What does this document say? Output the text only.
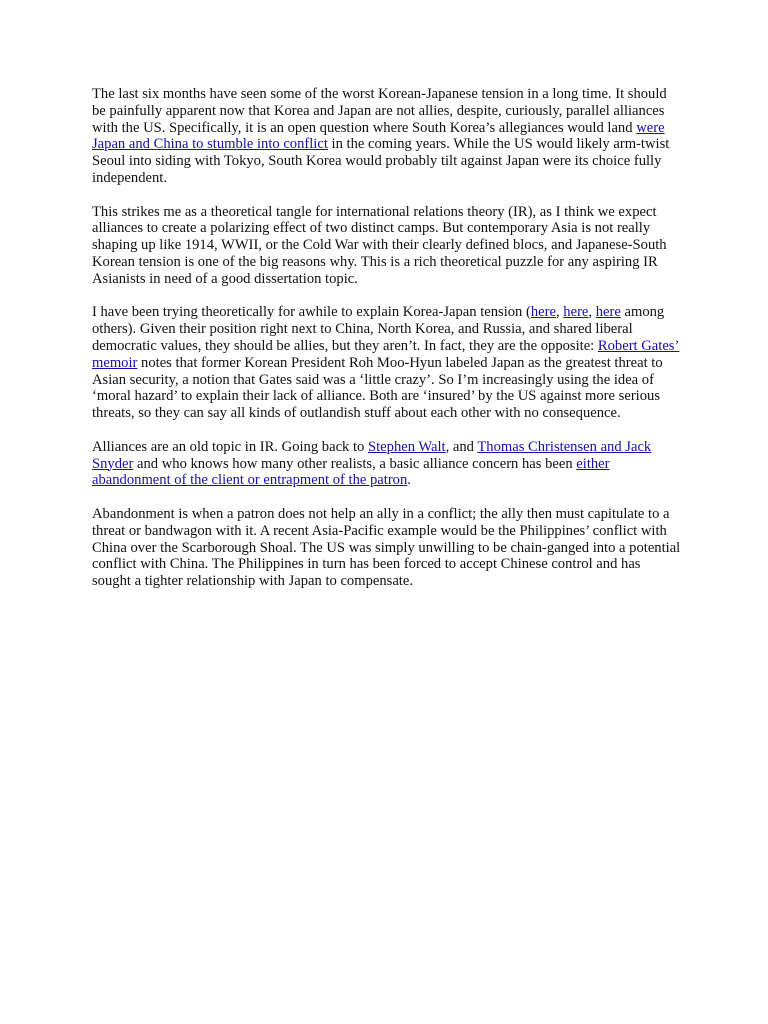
The last six months have seen some of the worst Korean-Japanese tension in a long time. It should be painfully apparent now that Korea and Japan are not allies, despite, curiously, parallel alliances with the US. Specifically, it is an open question where South Korea’s allegiances would land were Japan and China to stumble into conflict in the coming years. While the US would likely arm-twist Seoul into siding with Tokyo, South Korea would probably tilt against Japan were its choice fully independent.

This strikes me as a theoretical tangle for international relations theory (IR), as I think we expect alliances to create a polarizing effect of two distinct camps. But contemporary Asia is not really shaping up like 1914, WWII, or the Cold War with their clearly defined blocs, and Japanese-South Korean tension is one of the big reasons why. This is a rich theoretical puzzle for any aspiring IR Asianists in need of a good dissertation topic.

I have been trying theoretically for awhile to explain Korea-Japan tension (here, here, here among others). Given their position right next to China, North Korea, and Russia, and shared liberal democratic values, they should be allies, but they aren’t. In fact, they are the opposite: Robert Gates’ memoir notes that former Korean President Roh Moo-Hyun labeled Japan as the greatest threat to Asian security, a notion that Gates said was a ‘little crazy’. So I’m increasingly using the idea of ‘moral hazard’ to explain their lack of alliance. Both are ‘insured’ by the US against more serious threats, so they can say all kinds of outlandish stuff about each other with no consequence.

Alliances are an old topic in IR. Going back to Stephen Walt, and Thomas Christensen and Jack Snyder and who knows how many other realists, a basic alliance concern has been either abandonment of the client or entrapment of the patron.

Abandonment is when a patron does not help an ally in a conflict; the ally then must capitulate to a threat or bandwagon with it. A recent Asia-Pacific example would be the Philippines’ conflict with China over the Scarborough Shoal. The US was simply unwilling to be chain-ganged into a potential conflict with China. The Philippines in turn has been forced to accept Chinese control and has sought a tighter relationship with Japan to compensate.
